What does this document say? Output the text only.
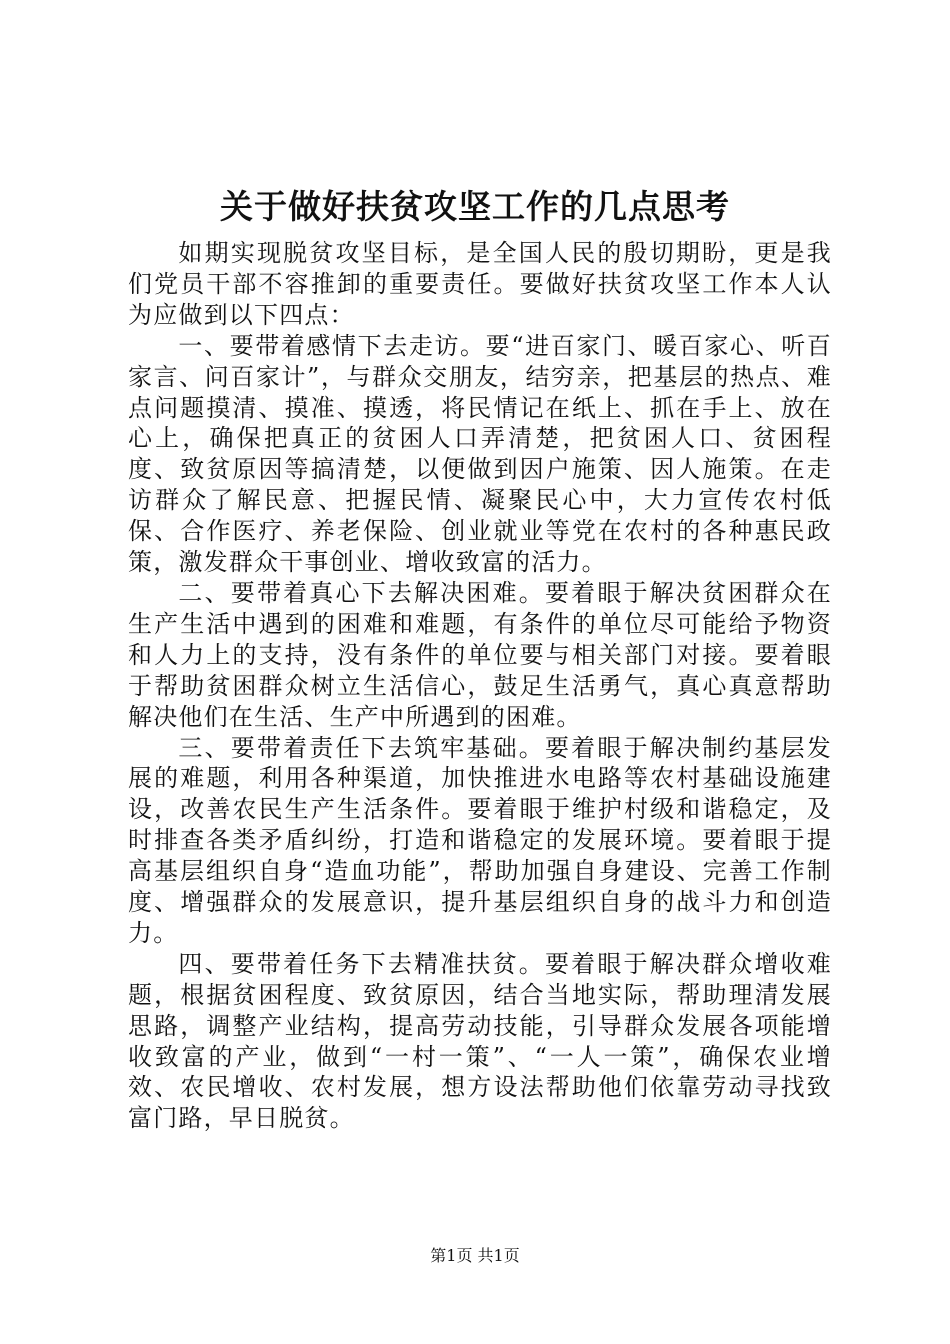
关于做好扶贫攻坚工作的几点思考

如期实现脱贫攻坚目标，是全国人民的殷切期盼，更是我们党员干部不容推卸的重要责任。要做好扶贫攻坚工作本人认为应做到以下四点：

一、要带着感情下去走访。要“进百家门、暖百家心、听百家言、问百家计”，与群众交朋友，结穷亲，把基层的热点、难点问题摸清、摸准、摸透，将民情记在纸上、抓在手上、放在心上，确保把真正的贫困人口弄清楚，把贫困人口、贫困程度、致贫原因等搞清楚，以便做到因户施策、因人施策。在走访群众了解民意、把握民情、凝聚民心中，大力宣传农村低保、合作医疗、养老保险、创业就业等党在农村的各种惠民政策，激发群众干事创业、增收致富的活力。

二、要带着真心下去解决困难。要着眼于解决贫困群众在生产生活中遇到的困难和难题，有条件的单位尽可能给予物资和人力上的支持，没有条件的单位要与相关部门对接。要着眼于帮助贫困群众树立生活信心，鼓足生活勇气，真心真意帮助解决他们在生活、生产中所遇到的困难。

三、要带着责任下去筑牢基础。要着眼于解决制约基层发展的难题，利用各种渠道，加快推进水电路等农村基础设施建设，改善农民生产生活条件。要着眼于维护村级和谐稳定，及时排查各类矛盾纠纷，打造和谐稳定的发展环境。要着眼于提高基层组织自身“造血功能”，帮助加强自身建设、完善工作制度、增强群众的发展意识，提升基层组织自身的战斗力和创造力。

四、要带着任务下去精准扶贫。要着眼于解决群众增收难题，根据贫困程度、致贫原因，结合当地实际，帮助理清发展思路，调整产业结构，提高劳动技能，引导群众发展各项能增收致富的产业，做到“一村一策”、“一人一策”，确保农业增效、农民增收、农村发展，想方设法帮助他们依靠劳动寻找致富门路，早日脱贫。

第1页 共1页
